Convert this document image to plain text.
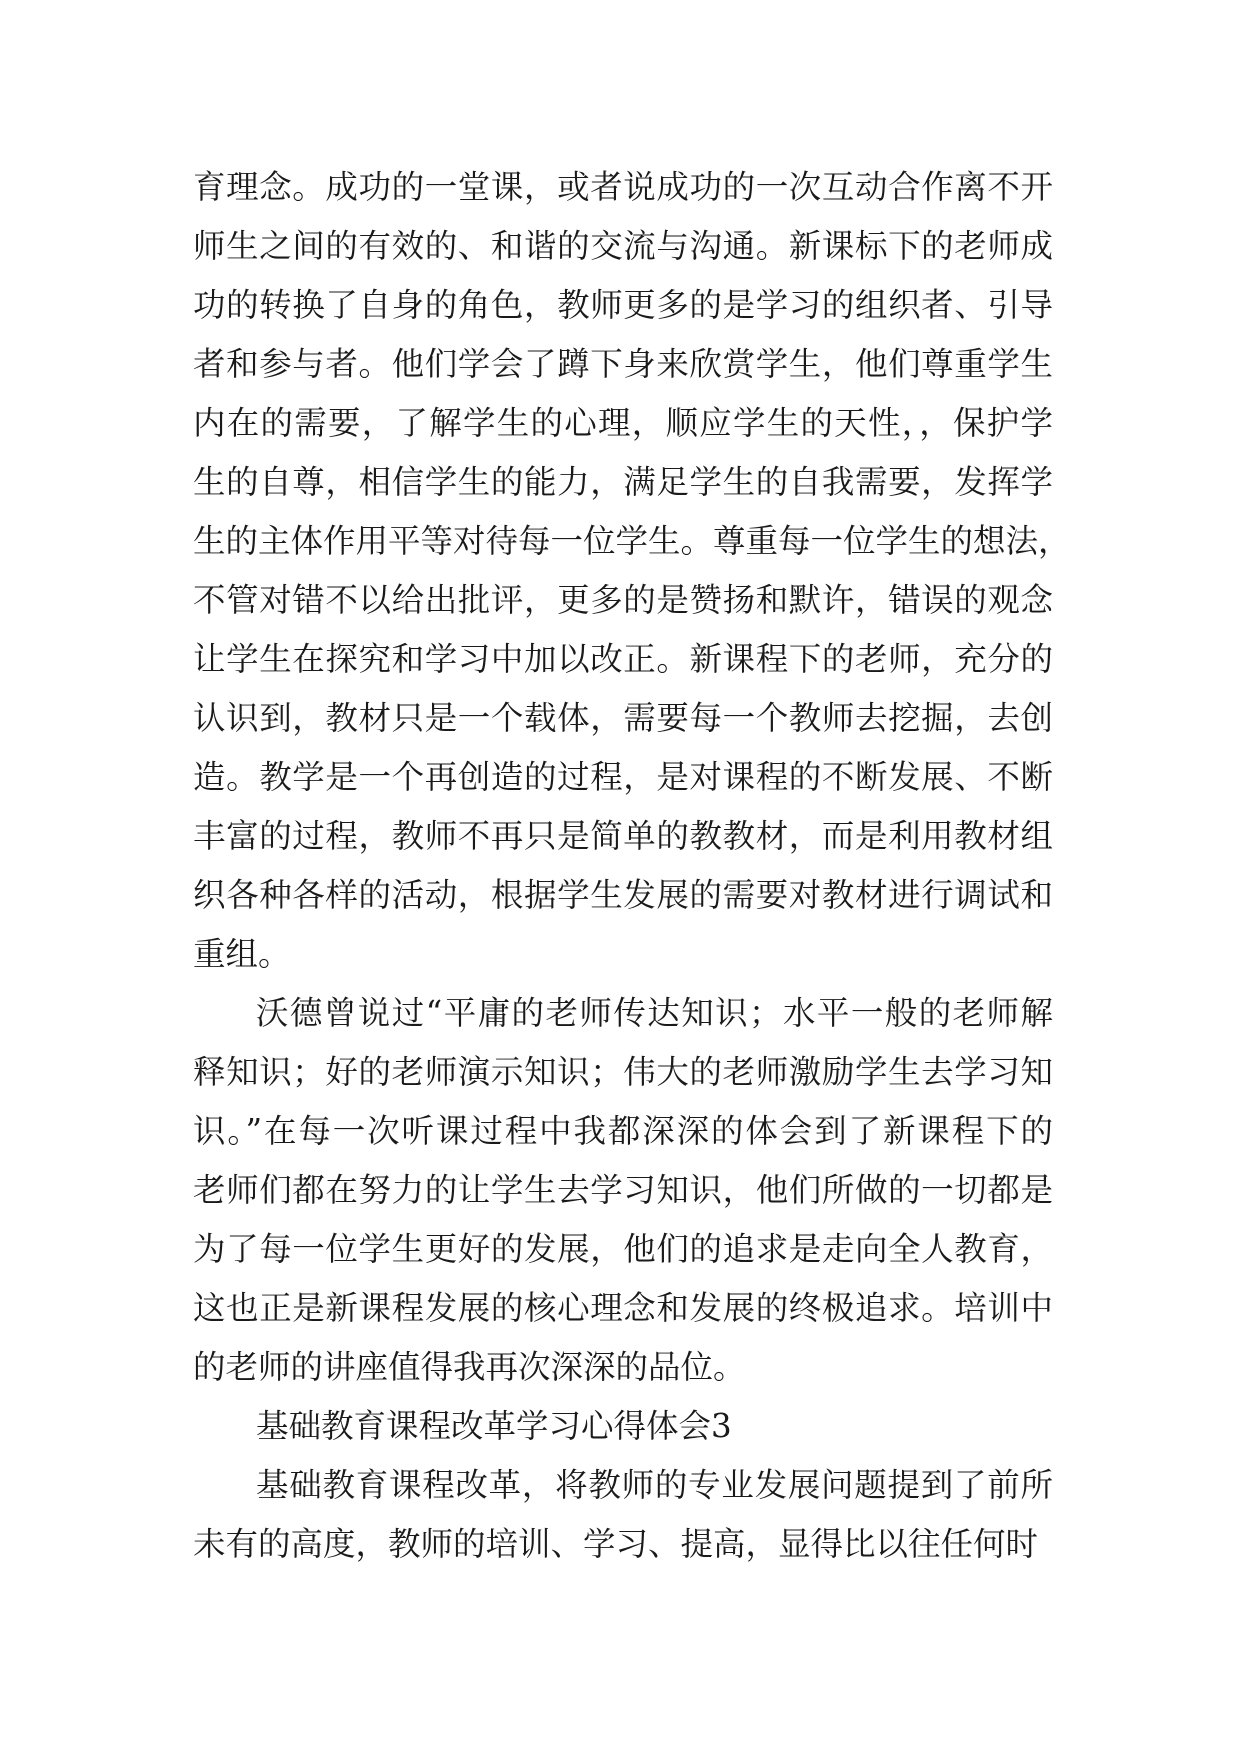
育理念。成功的一堂课，或者说成功的一次互动合作离不开
师生之间的有效的、和谐的交流与沟通。新课标下的老师成
功的转换了自身的角色，教师更多的是学习的组织者、引导
者和参与者。他们学会了蹲下身来欣赏学生，他们尊重学生
内在的需要，了解学生的心理，顺应学生的天性，，保护学
生的自尊，相信学生的能力，满足学生的自我需要，发挥学
生的主体作用平等对待每一位学生。尊重每一位学生的想法，
不管对错不以给出批评，更多的是赞扬和默许，错误的观念
让学生在探究和学习中加以改正。新课程下的老师，充分的
认识到，教材只是一个载体，需要每一个教师去挖掘，去创
造。教学是一个再创造的过程，是对课程的不断发展、不断
丰富的过程，教师不再只是简单的教教材，而是利用教材组
织各种各样的活动，根据学生发展的需要对教材进行调试和
重组。
沃德曾说过“平庸的老师传达知识；水平一般的老师解
释知识；好的老师演示知识；伟大的老师激励学生去学习知
识。”在每一次听课过程中我都深深的体会到了新课程下的
老师们都在努力的让学生去学习知识，他们所做的一切都是
为了每一位学生更好的发展，他们的追求是走向全人教育，
这也正是新课程发展的核心理念和发展的终极追求。培训中
的老师的讲座值得我再次深深的品位。
基础教育课程改革学习心得体会3
基础教育课程改革，将教师的专业发展问题提到了前所
未有的高度，教师的培训、学习、提高，显得比以往任何时
